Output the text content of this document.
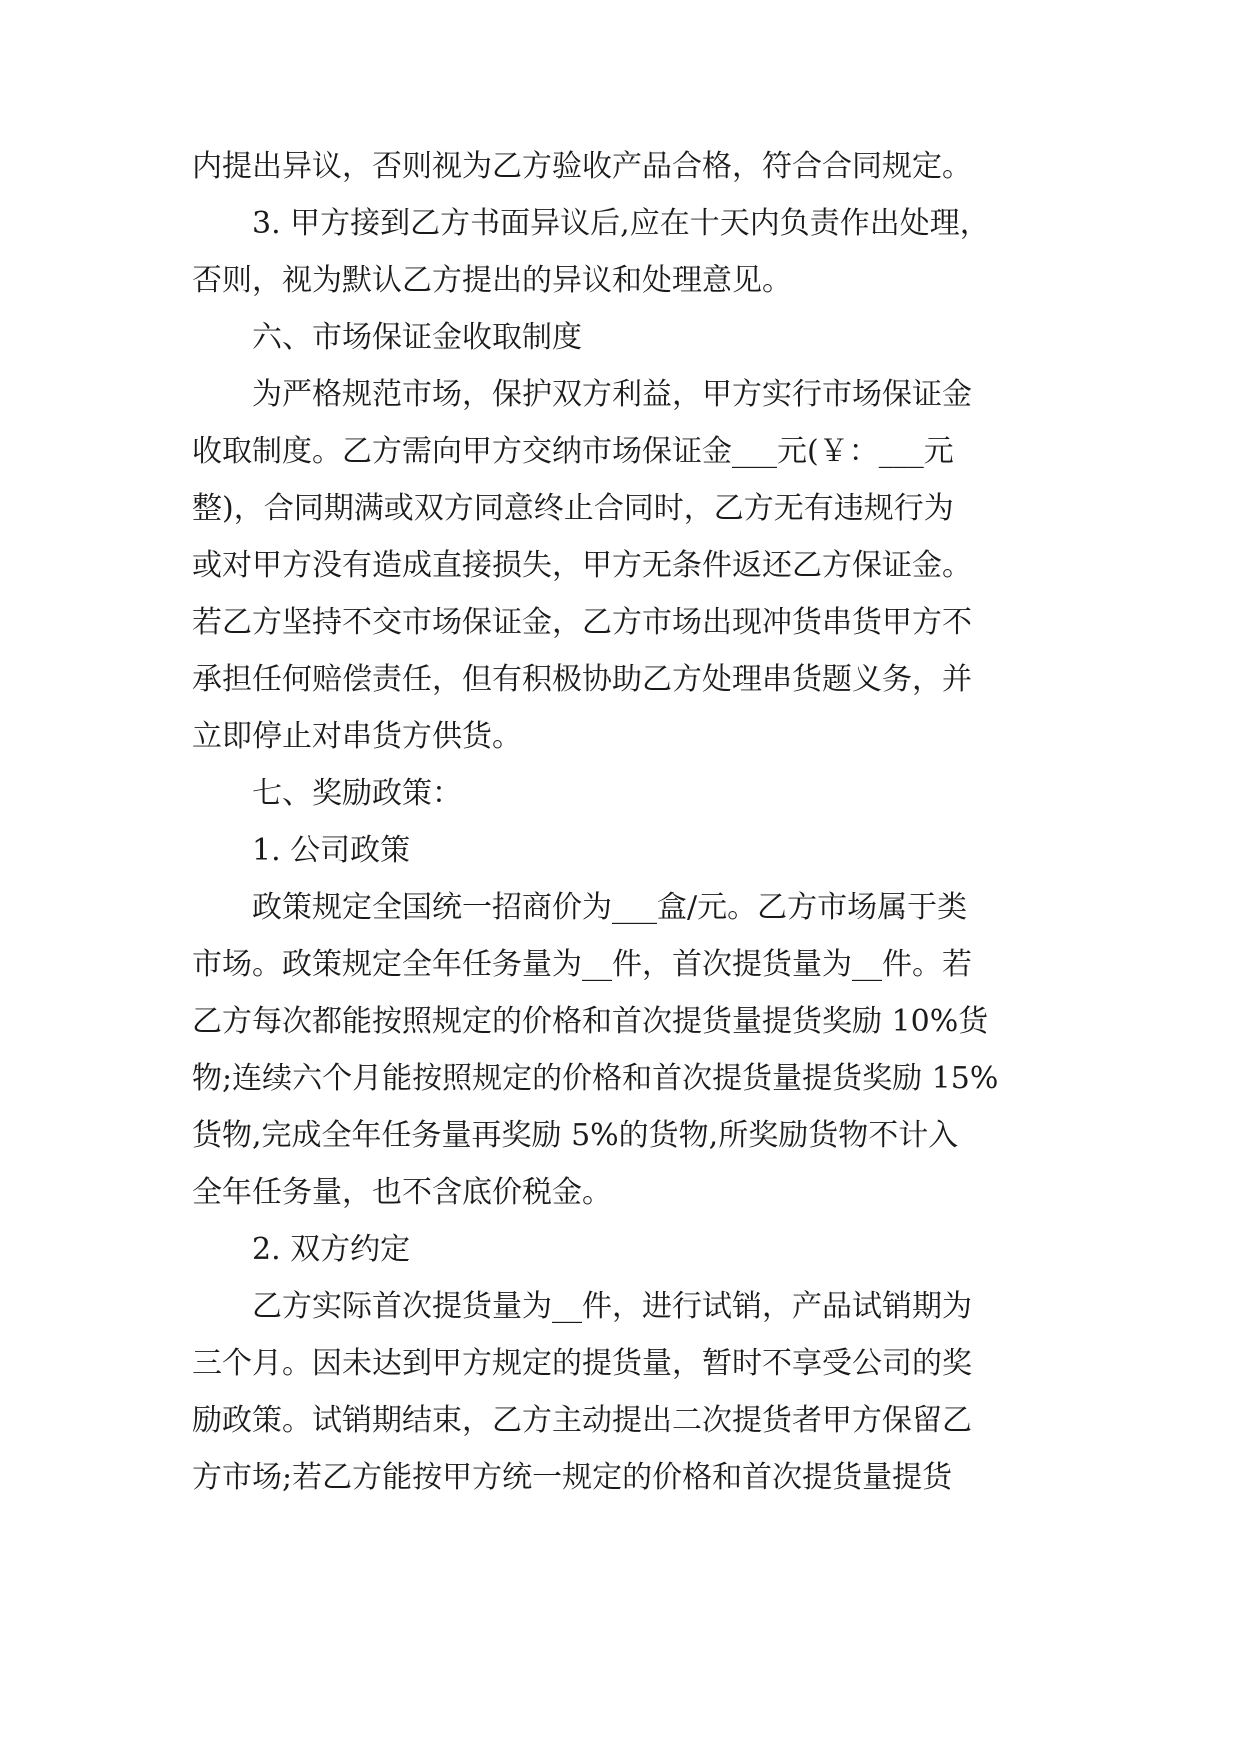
内提出异议，否则视为乙方验收产品合格，符合合同规定。
3. 甲方接到乙方书面异议后,应在十天内负责作出处理，
否则，视为默认乙方提出的异议和处理意见。
六、市场保证金收取制度
为严格规范市场，保护双方利益，甲方实行市场保证金
收取制度。乙方需向甲方交纳市场保证金___元(￥：___元
整)，合同期满或双方同意终止合同时，乙方无有违规行为
或对甲方没有造成直接损失，甲方无条件返还乙方保证金。
若乙方坚持不交市场保证金，乙方市场出现冲货串货甲方不
承担任何赔偿责任，但有积极协助乙方处理串货题义务，并
立即停止对串货方供货。
七、奖励政策：
1. 公司政策
政策规定全国统一招商价为___盒/元。乙方市场属于类
市场。政策规定全年任务量为__件，首次提货量为__件。若
乙方每次都能按照规定的价格和首次提货量提货奖励 10%货
物;连续六个月能按照规定的价格和首次提货量提货奖励 15%
货物,完成全年任务量再奖励 5%的货物,所奖励货物不计入
全年任务量，也不含底价税金。
2. 双方约定
乙方实际首次提货量为__件，进行试销，产品试销期为
三个月。因未达到甲方规定的提货量，暂时不享受公司的奖
励政策。试销期结束，乙方主动提出二次提货者甲方保留乙
方市场;若乙方能按甲方统一规定的价格和首次提货量提货
